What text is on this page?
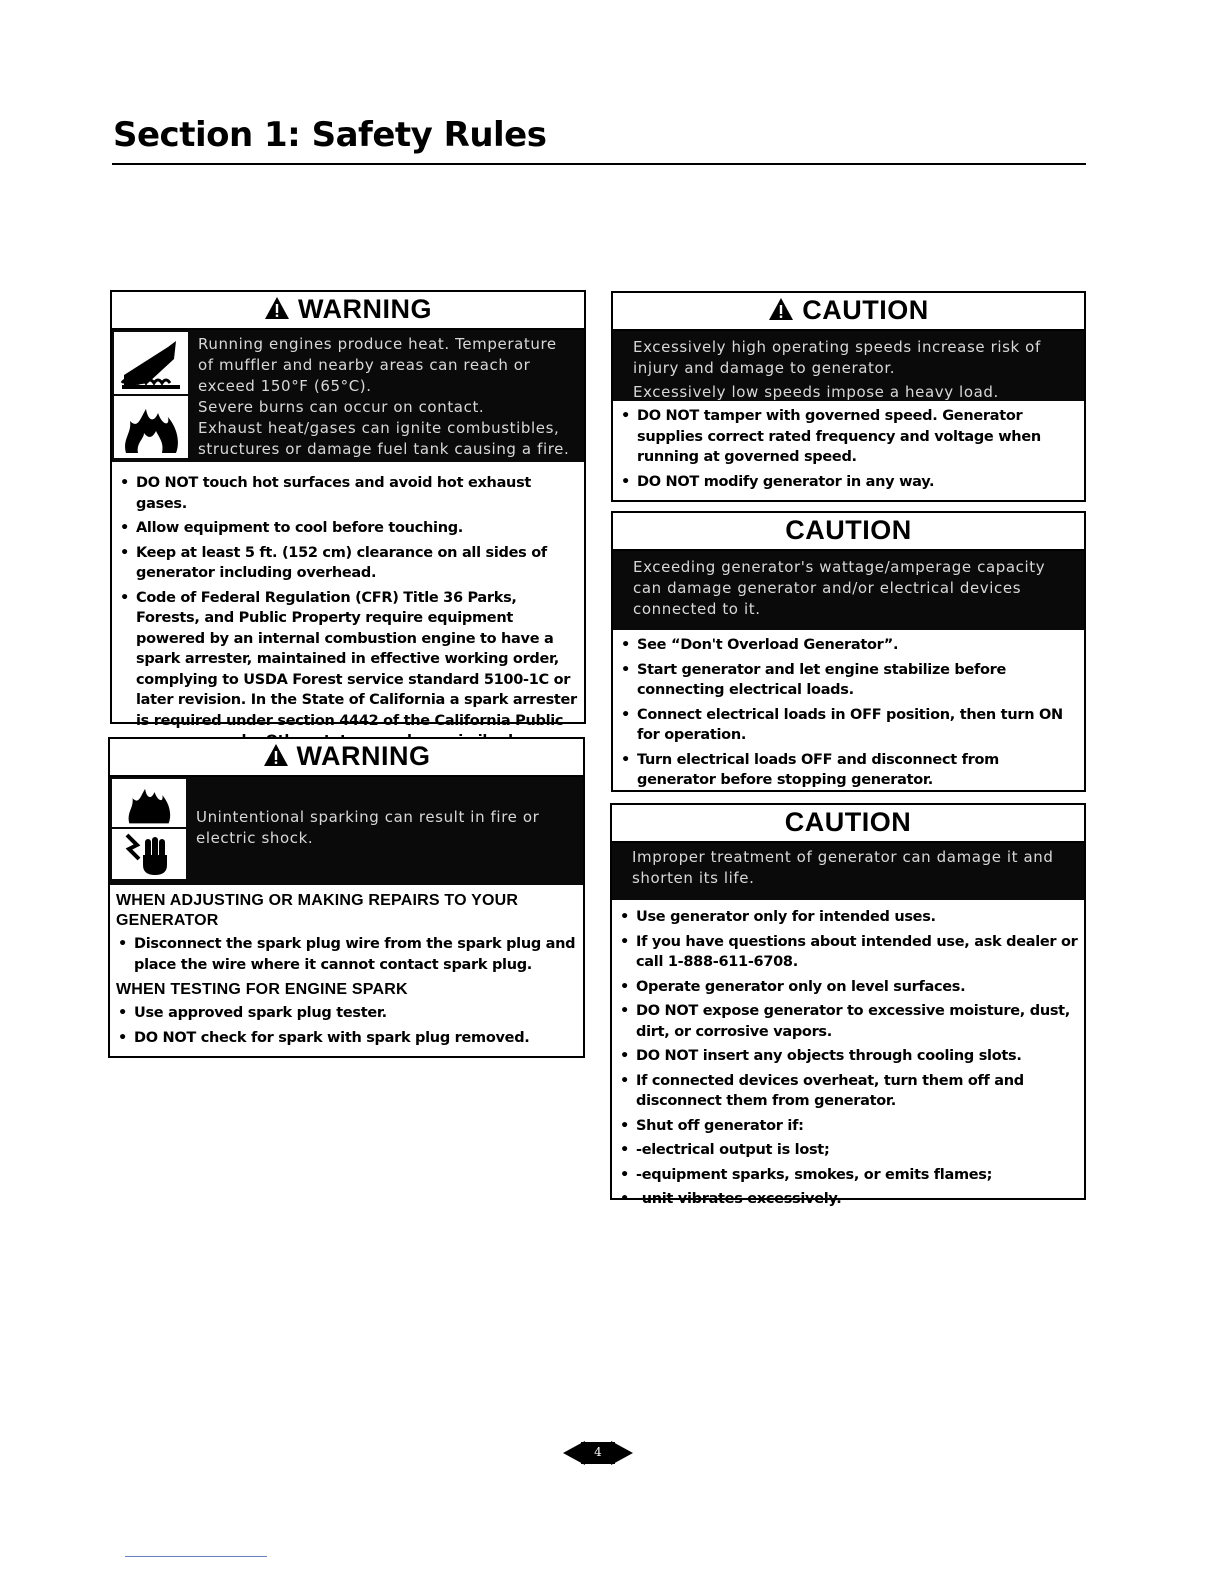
Section 1: Safety Rules
WARNING

Running engines produce heat. Temperature of muffler and nearby areas can reach or exceed 150°F (65°C).

Severe burns can occur on contact.

Exhaust heat/gases can ignite combustibles, structures or damage fuel tank causing a fire.

• DO NOT touch hot surfaces and avoid hot exhaust gases.
• Allow equipment to cool before touching.
• Keep at least 5 ft. (152 cm) clearance on all sides of generator including overhead.
• Code of Federal Regulation (CFR) Title 36 Parks, Forests, and Public Property require equipment powered by an internal combustion engine to have a spark arrester, maintained in effective working order, complying to USDA Forest service standard 5100-1C or later revision. In the State of California a spark arrester is required under section 4442 of the California Public
WARNING

Unintentional sparking can result in fire or electric shock.

WHEN ADJUSTING OR MAKING REPAIRS TO YOUR GENERATOR
• Disconnect the spark plug wire from the spark plug and place the wire where it cannot contact spark plug.
WHEN TESTING FOR ENGINE SPARK
• Use approved spark plug tester.
• DO NOT check for spark with spark plug removed.
CAUTION

Excessively high operating speeds increase risk of injury and damage to generator.

Excessively low speeds impose a heavy load.

• DO NOT tamper with governed speed. Generator supplies correct rated frequency and voltage when running at governed speed.
• DO NOT modify generator in any way.
CAUTION

Exceeding generator's wattage/amperage capacity can damage generator and/or electrical devices connected to it.

• See “Don't Overload Generator”.
• Start generator and let engine stabilize before connecting electrical loads.
• Connect electrical loads in OFF position, then turn ON for operation.
• Turn electrical loads OFF and disconnect from generator before stopping generator.
CAUTION

Improper treatment of generator can damage it and shorten its life.

• Use generator only for intended uses.
• If you have questions about intended use, ask dealer or call 1-888-611-6708.
• Operate generator only on level surfaces.
• DO NOT expose generator to excessive moisture, dust, dirt, or corrosive vapors.
• DO NOT insert any objects through cooling slots.
• If connected devices overheat, turn them off and disconnect them from generator.
• Shut off generator if:
• -electrical output is lost;
• -equipment sparks, smokes, or emits flames;
• -unit vibrates excessively.
4
